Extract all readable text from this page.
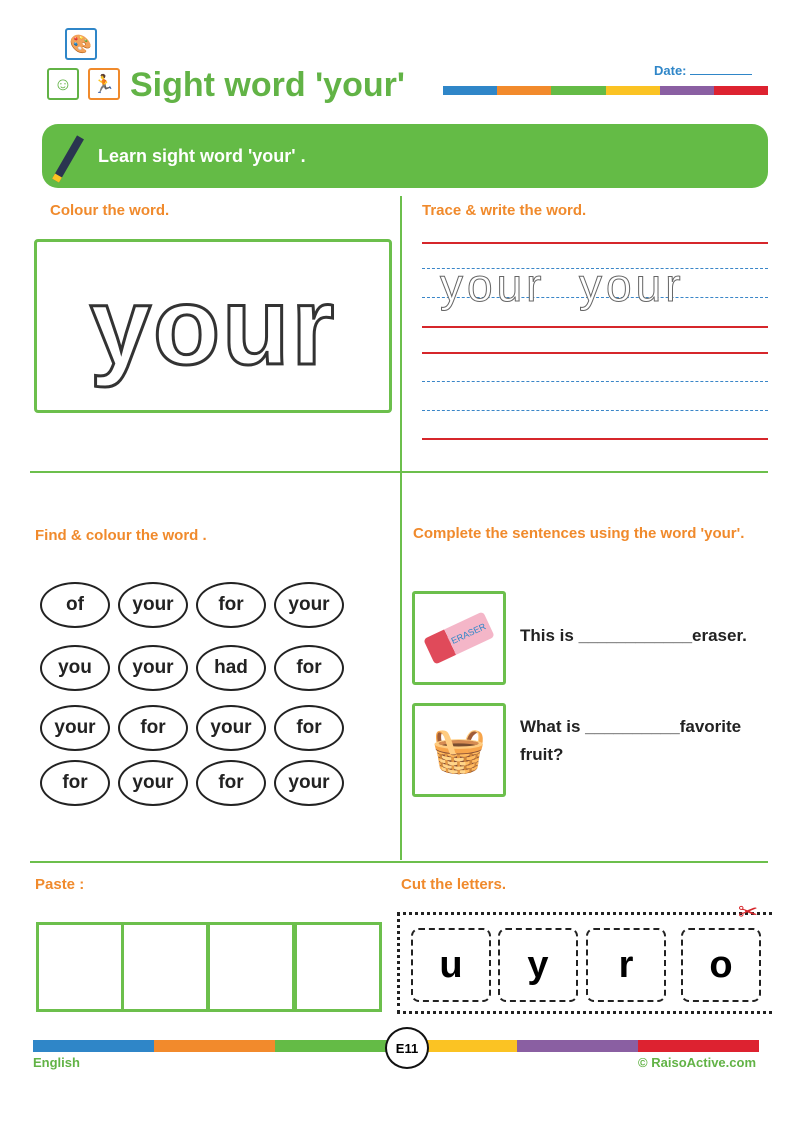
🎨
☺	🏃 Sight word 'your'	Date:
Learn sight word 'your' .
Colour the word.
your
Trace & write the word.
your  your
Find & colour the word .
of	your	for	your
you	your	had	for
your	for	your	for
for	your	for	your
Complete the sentences using the word 'your'.
ERASER	This is ____________eraser.
🧺 What is __________favorite fruit?
Paste :	Cut the letters.
✂
u	y	r	o
E11
English	© RaisoActive.com
